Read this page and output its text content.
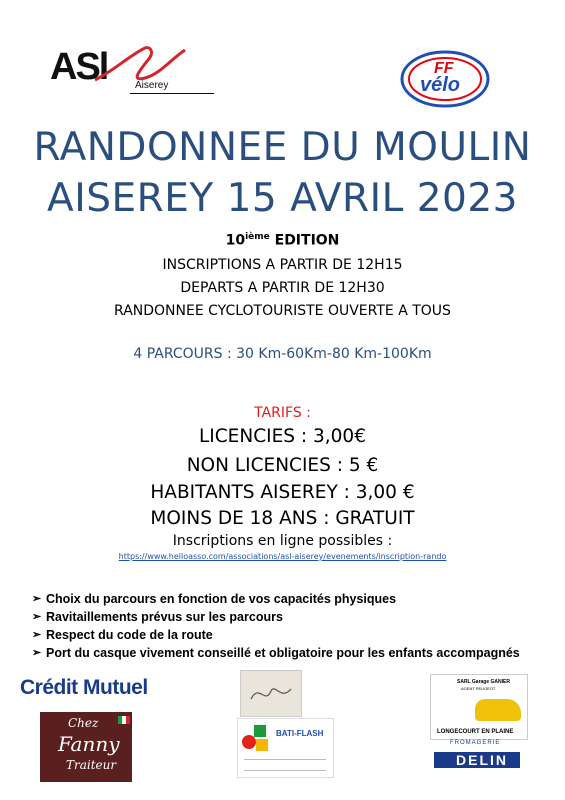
ASl	Aiserey
FF
vélo
RANDONNEE DU MOULIN
AISEREY 15 AVRIL 2023
10ième EDITION
INSCRIPTIONS A PARTIR DE 12H15
DEPARTS A PARTIR DE 12H30
RANDONNEE CYCLOTOURISTE OUVERTE A TOUS
4 PARCOURS : 30 Km-60Km-80 Km-100Km
TARIFS :
LICENCIES : 3,00€
NON LICENCIES : 5 €
HABITANTS AISEREY : 3,00 €
MOINS DE 18 ANS : GRATUIT
Inscriptions en ligne possibles :
https://www.helloasso.com/associations/asl-aiserey/evenements/inscription-rando
➢ Choix du parcours en fonction de vos capacités physiques
➢ Ravitaillements prévus sur les parcours
➢ Respect du code de la route
➢ Port du casque vivement conseillé et obligatoire pour les enfants accompagnés
Crédit Mutuel
Chez
Fanny
Traiteur
BATI-FLASH
SARL Garage GANIER
AGENT PEUGEOT
LONGECOURT EN PLAINE
FROMAGERIE
DELIN
